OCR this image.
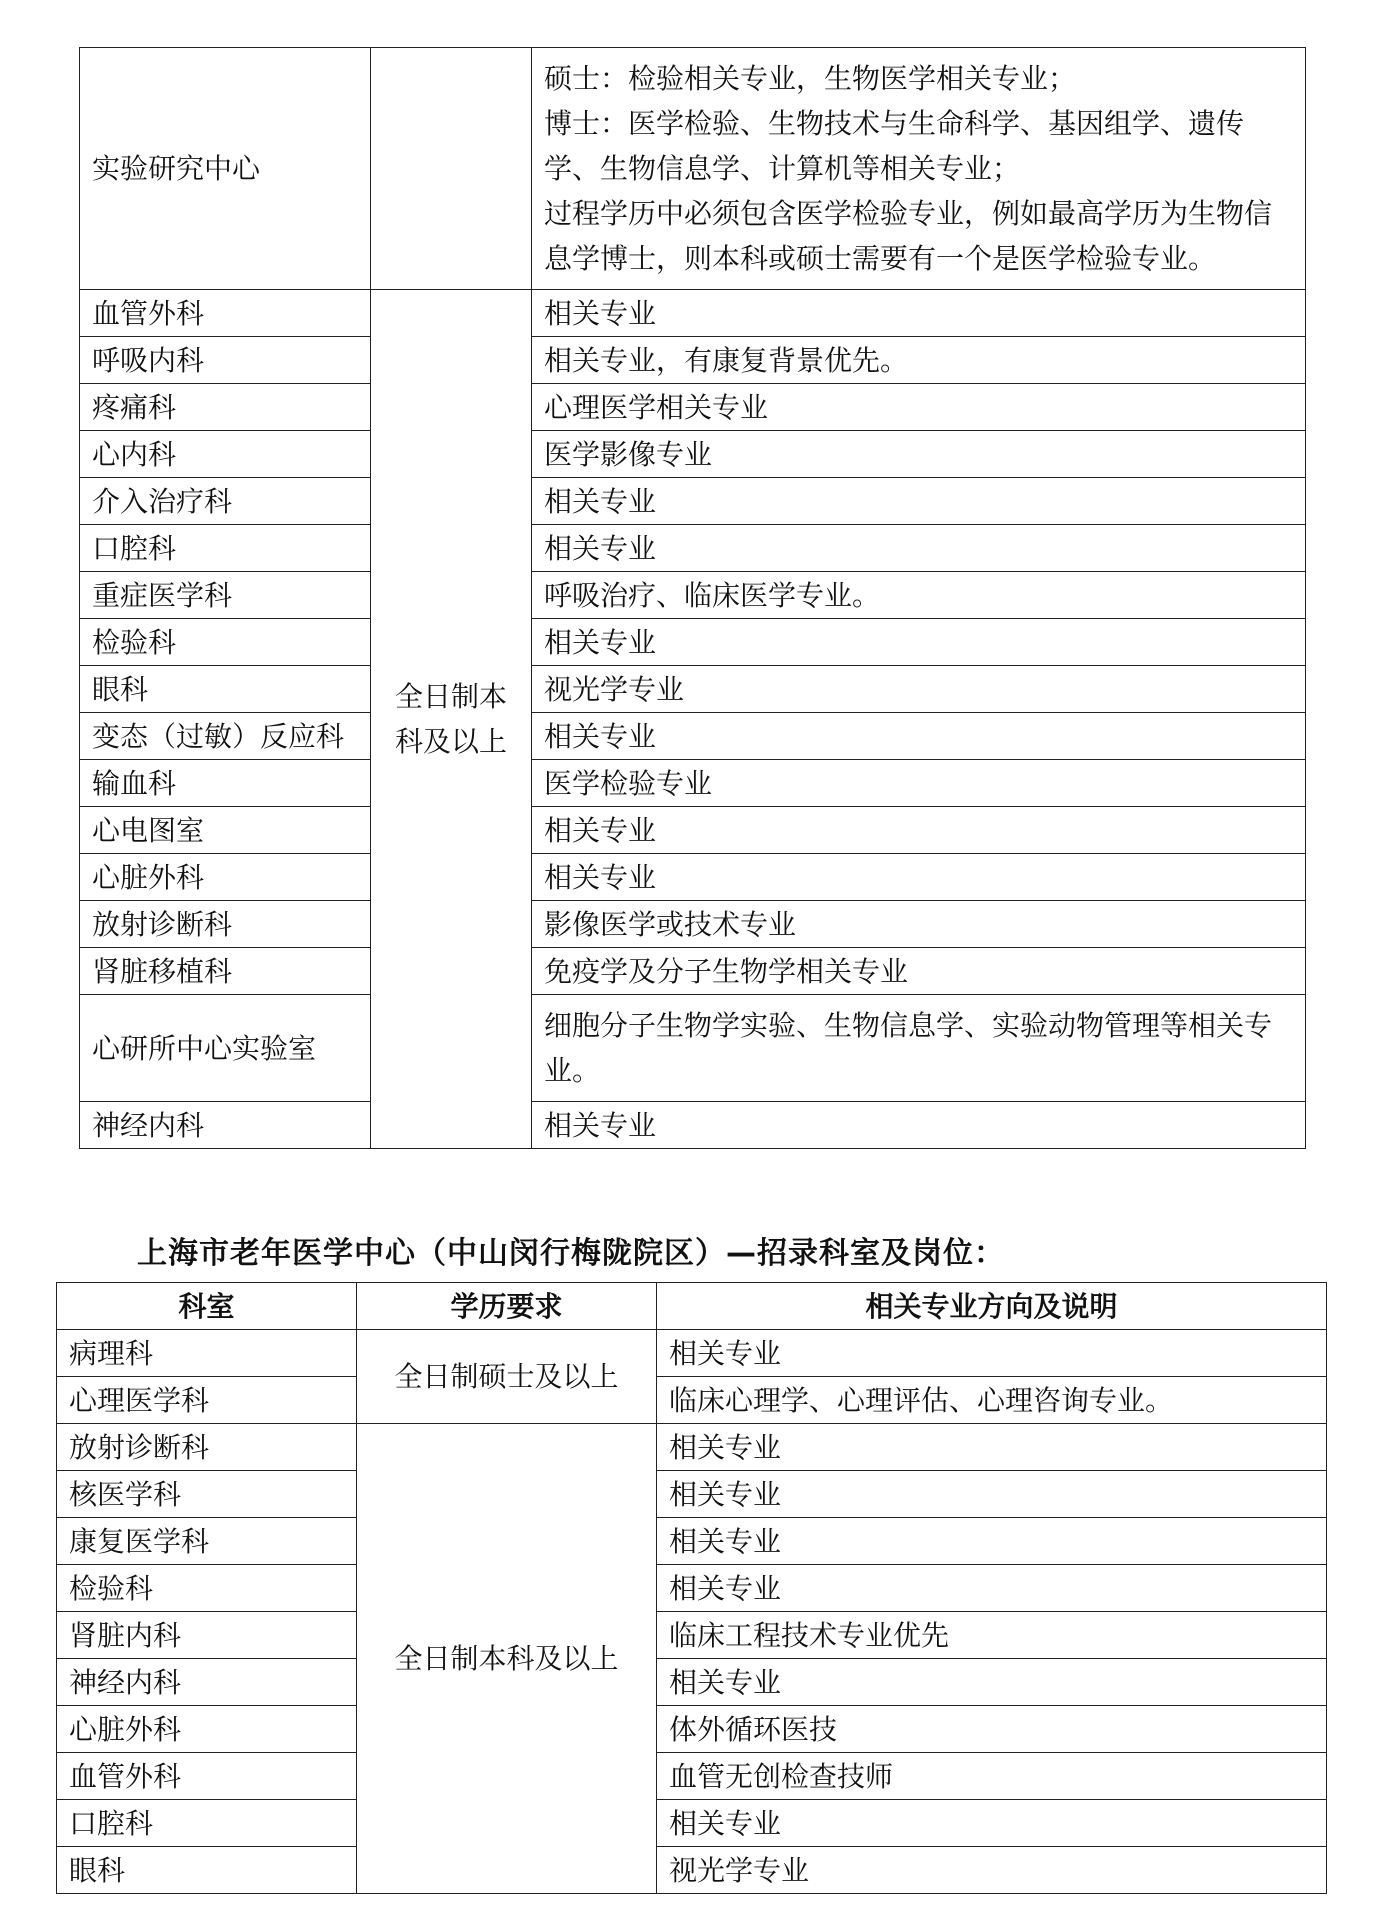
实验研究中心		硕士：检验相关专业，生物医学相关专业；
博士：医学检验、生物技术与生命科学、基因组学、遗传学、生物信息学、计算机等相关专业；
过程学历中必须包含医学检验专业，例如最高学历为生物信息学博士，则本科或硕士需要有一个是医学检验专业。

血管外科	全日制本科及以上	相关专业
呼吸内科		相关专业，有康复背景优先。
疼痛科		心理医学相关专业
心内科		医学影像专业
介入治疗科		相关专业
口腔科		相关专业
重症医学科		呼吸治疗、临床医学专业。
检验科		相关专业
眼科		视光学专业
变态（过敏）反应科		相关专业
输血科		医学检验专业
心电图室		相关专业
心脏外科		相关专业
放射诊断科		影像医学或技术专业
肾脏移植科		免疫学及分子生物学相关专业
心研所中心实验室		细胞分子生物学实验、生物信息学、实验动物管理等相关专业。
神经内科		相关专业
上海市老年医学中心（中山闵行梅陇院区）—招录科室及岗位：
科室	学历要求	相关专业方向及说明
病理科	全日制硕士及以上	相关专业
心理医学科		临床心理学、心理评估、心理咨询专业。
放射诊断科	全日制本科及以上	相关专业
核医学科		相关专业
康复医学科		相关专业
检验科		相关专业
肾脏内科		临床工程技术专业优先
神经内科		相关专业
心脏外科		体外循环医技
血管外科		血管无创检查技师
口腔科		相关专业
眼科		视光学专业
